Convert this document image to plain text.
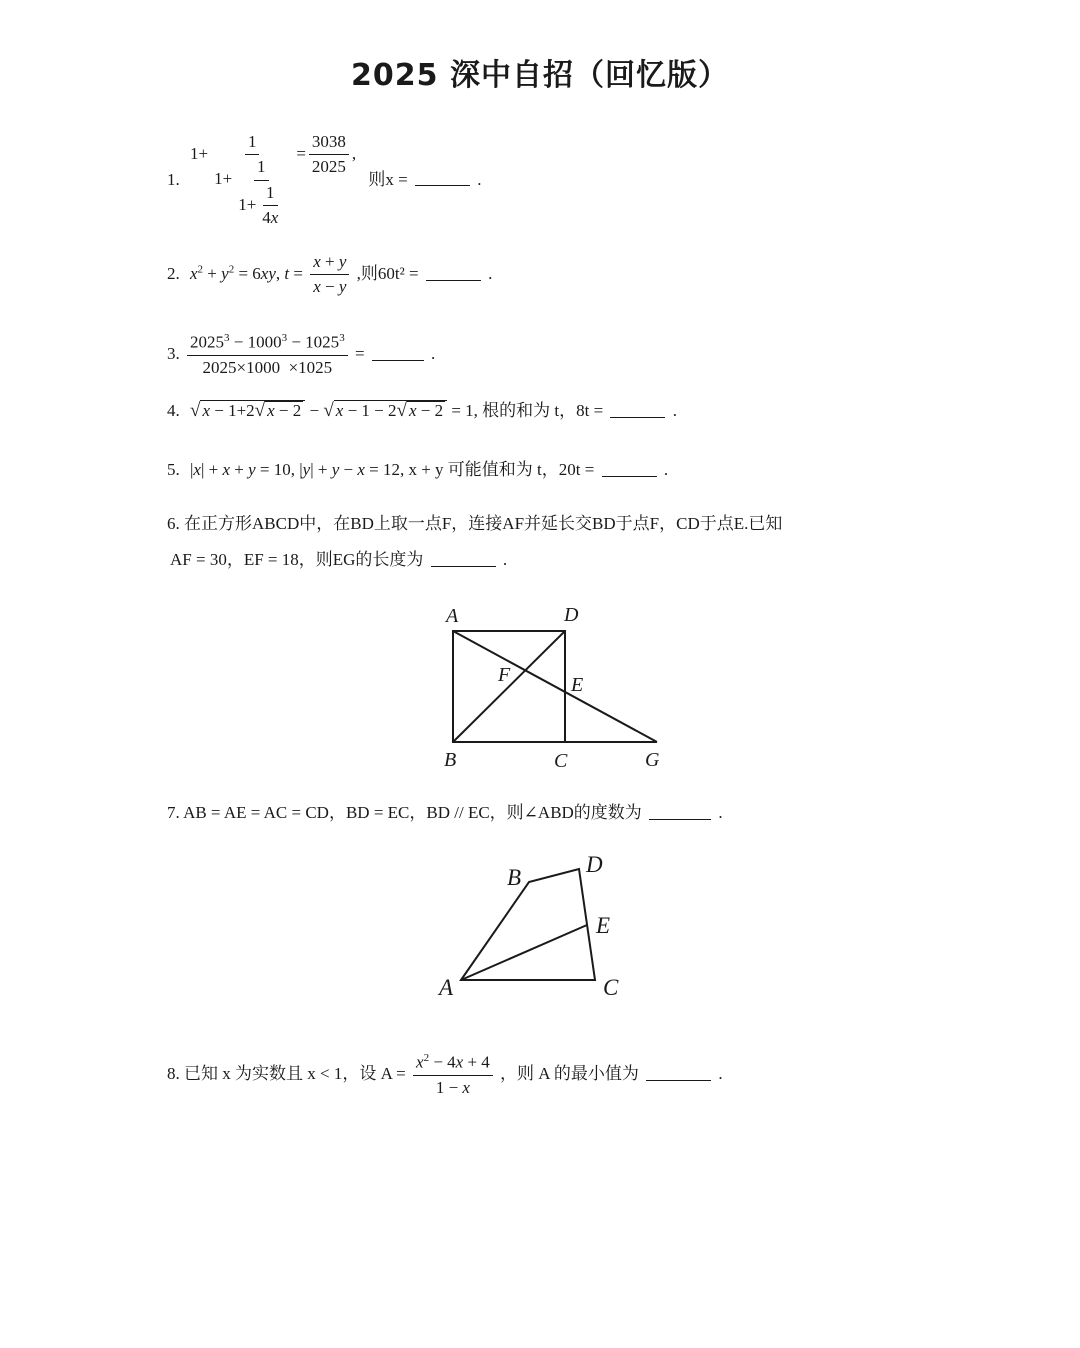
2025 深中自招（回忆版）
1.
$1+ \frac{1}{1+ \frac{1}{1+ \frac{1}{4x}}} = \frac{3038}{2025}$ ,
则x =	.
2. $x^2 + y^2 = 6xy$, $t = \frac{x + y}{x - y}$ ,则60t² =	.
3. $\frac{2025^3 - 1000^3 - 1025^3}{2025\times 1000 \times 1025}$ =	.
4. √ x − 1+2√ x − 2 − √ x − 1 − 2√ x − 2 = 1, 根的和为 t，8t =	.
5. |x| + x + y = 10, |y| + y − x = 12, x + y 可能值和为 t，20t =	.
6. 在正方形ABCD中，在BD上取一点F，连接AF并延长交BD于点F，CD于点E.已知
AF = 30，EF = 18，则EG的长度为	.
A	D
F	E
B	C	G
7. AB = AE = AC = CD，BD = EC，BD // EC，则∠ABD的度数为	.
B
D
E
A	C
8. 已知 x 为实数且 x < 1，设 $A = \frac{x^2 - 4x + 4}{1 - x}$ ，则 A 的最小值为	.
